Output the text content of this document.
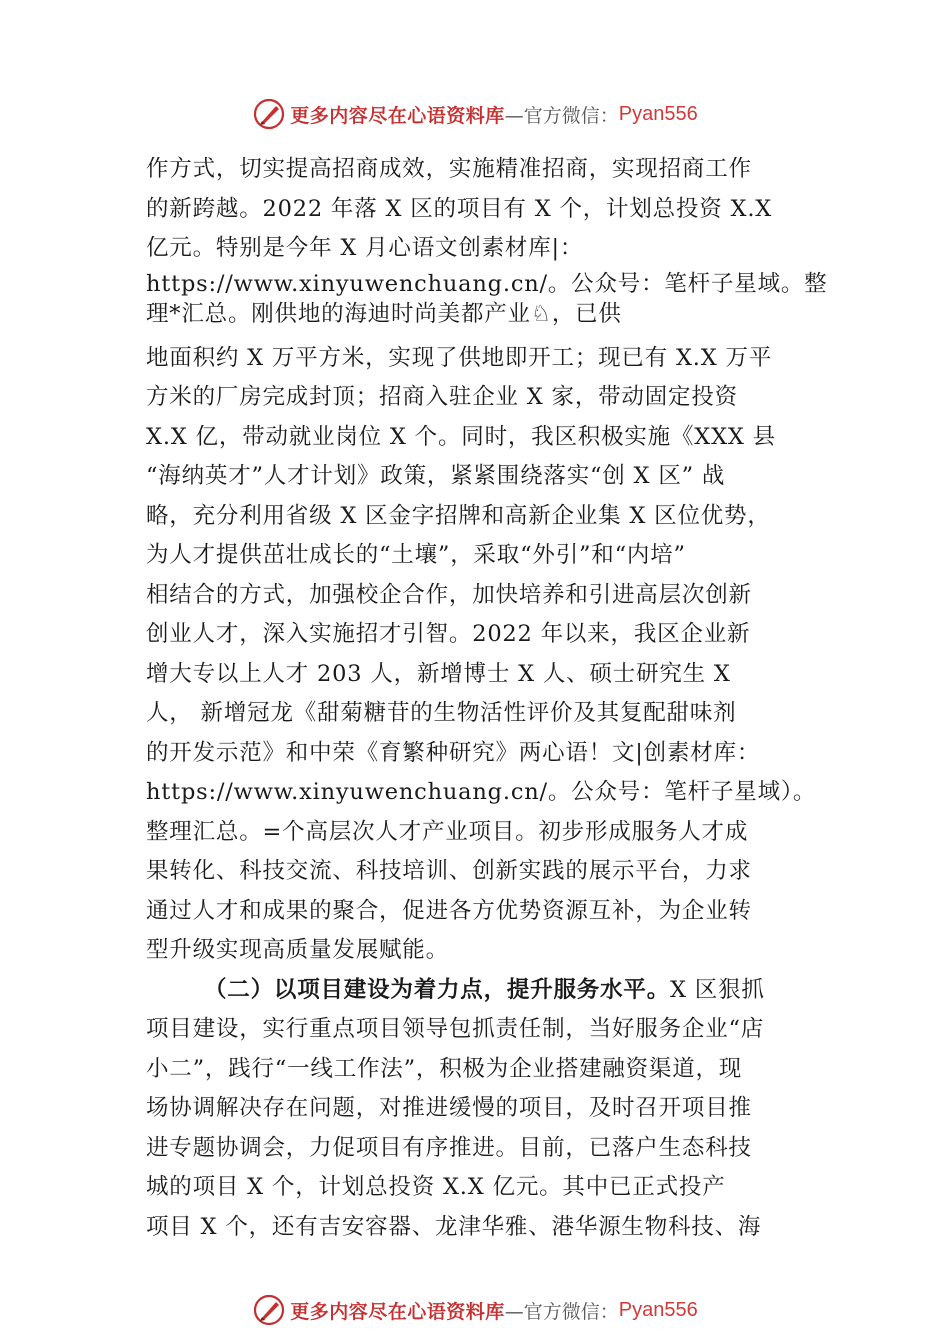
更多内容尽在心语资料库 —官方微信： Pyan556
作方式，切实提高招商成效，实施精准招商，实现招商工作
的新跨越。2022 年落 X 区的项目有 X 个，计划总投资 X.X
亿元。特别是今年 X 月心语文创素材库|：
https://www.xinyuwenchuang.cn/。公众号：笔杆子星域。整
理*汇总。刚供地的海迪时尚美都产业♘，已供
地面积约 X 万平方米，实现了供地即开工；现已有 X.X 万平
方米的厂房完成封顶；招商入驻企业 X 家，带动固定投资
X.X 亿，带动就业岗位 X 个。同时，我区积极实施《XXX 县
“海纳英才”人才计划》政策，紧紧围绕落实“创 X 区” 战
略，充分利用省级 X 区金字招牌和高新企业集 X 区位优势，
为人才提供茁壮成长的“土壤”，采取“外引”和“内培”
相结合的方式，加强校企合作，加快培养和引进高层次创新
创业人才，深入实施招才引智。2022 年以来，我区企业新
增大专以上人才 203 人，新增博士 X 人、硕士研究生 X
人， 新增冠龙《甜菊糖苷的生物活性评价及其复配甜味剂
的开发示范》和中荣《育繁种研究》两心语！文|创素材库：
https://www.xinyuwenchuang.cn/。公众号：笔杆子星域）。
整理汇总。=个高层次人才产业项目。初步形成服务人才成
果转化、科技交流、科技培训、创新实践的展示平台，力求
通过人才和成果的聚合，促进各方优势资源互补，为企业转
型升级实现高质量发展赋能。
（二）以项目建设为着力点，提升服务水平。X 区狠抓
项目建设，实行重点项目领导包抓责任制，当好服务企业“店
小二”，践行“一线工作法”，积极为企业搭建融资渠道，现
场协调解决存在问题，对推进缓慢的项目，及时召开项目推
进专题协调会，力促项目有序推进。目前，已落户生态科技
城的项目 X 个，计划总投资 X.X 亿元。其中已正式投产
项目 X 个，还有吉安容器、龙津华雅、港华源生物科技、海
更多内容尽在心语资料库 —官方微信： Pyan556
